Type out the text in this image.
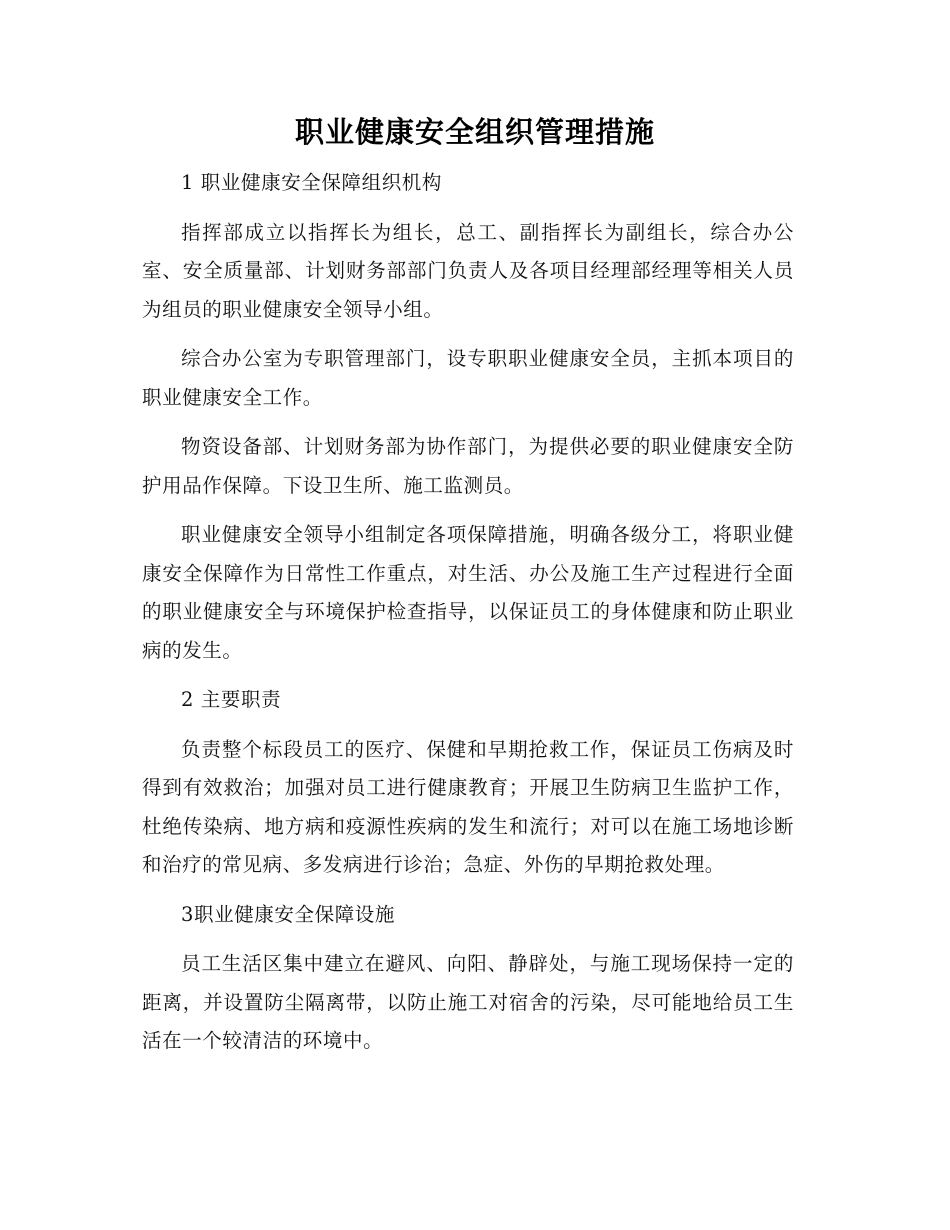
职业健康安全组织管理措施
1 职业健康安全保障组织机构

指挥部成立以指挥长为组长，总工、副指挥长为副组长，综合办公室、安全质量部、计划财务部部门负责人及各项目经理部经理等相关人员为组员的职业健康安全领导小组。

综合办公室为专职管理部门，设专职职业健康安全员，主抓本项目的职业健康安全工作。

物资设备部、计划财务部为协作部门，为提供必要的职业健康安全防护用品作保障。下设卫生所、施工监测员。

职业健康安全领导小组制定各项保障措施，明确各级分工，将职业健康安全保障作为日常性工作重点，对生活、办公及施工生产过程进行全面的职业健康安全与环境保护检查指导，以保证员工的身体健康和防止职业病的发生。

2 主要职责

负责整个标段员工的医疗、保健和早期抢救工作，保证员工伤病及时得到有效救治；加强对员工进行健康教育；开展卫生防病卫生监护工作，杜绝传染病、地方病和疫源性疾病的发生和流行；对可以在施工场地诊断和治疗的常见病、多发病进行诊治；急症、外伤的早期抢救处理。

3职业健康安全保障设施

员工生活区集中建立在避风、向阳、静辟处，与施工现场保持一定的距离，并设置防尘隔离带，以防止施工对宿舍的污染，尽可能地给员工生活在一个较清洁的环境中。
